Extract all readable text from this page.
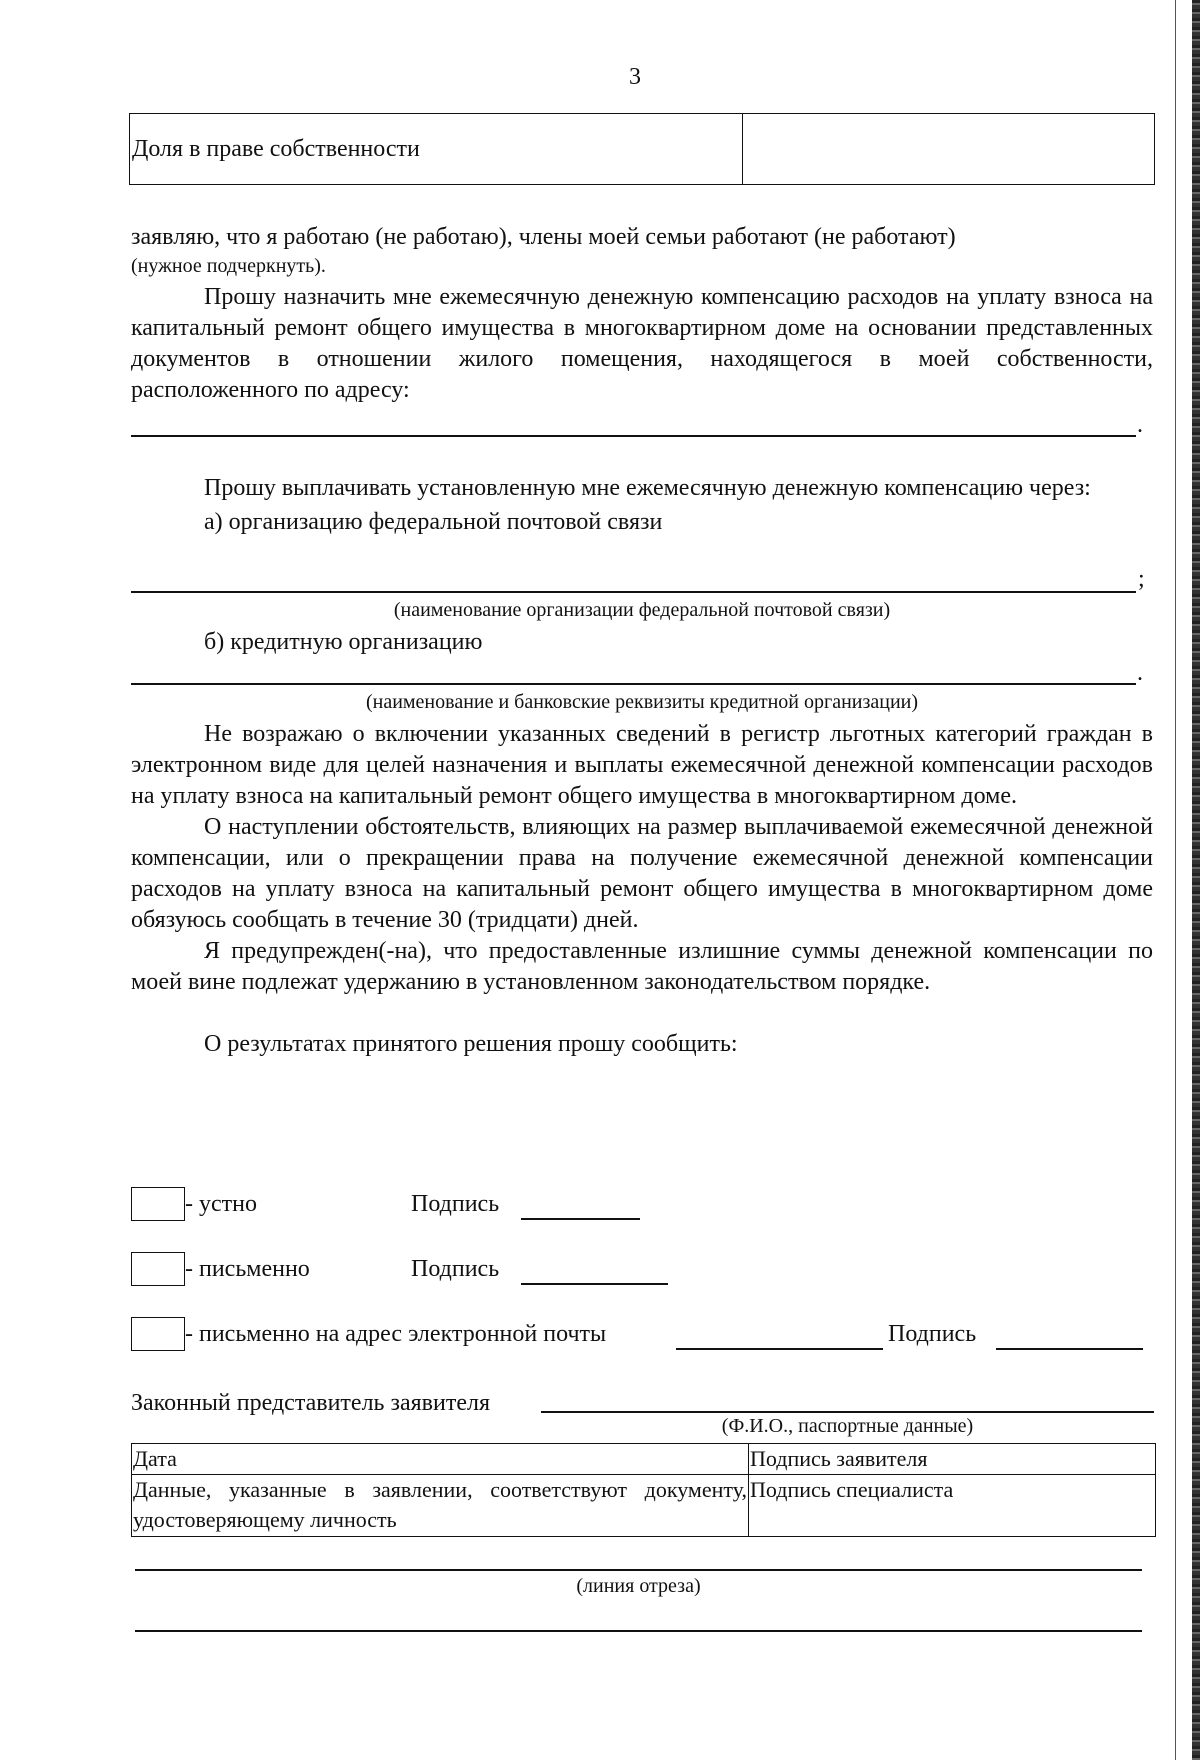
3
Доля в праве собственности	

заявляю, что я работаю (не работаю), члены моей семьи работают (не работают)

(нужное подчеркнуть).

Прошу назначить мне ежемесячную денежную компенсацию расходов на уплату взноса на капитальный ремонт общего имущества в многоквартирном доме на основании представленных документов в отношении жилого помещения, находящегося в моей собственности, расположенного по адресу:

.

Прошу выплачивать установленную мне ежемесячную денежную компенсацию через:

а) организацию федеральной почтовой связи

;
(наименование организации федеральной почтовой связи)

б) кредитную организацию

.
(наименование и банковские реквизиты кредитной организации)

Не возражаю о включении указанных сведений в регистр льготных категорий граждан в электронном виде для целей назначения и выплаты ежемесячной денежной компенсации расходов на уплату взноса на капитальный ремонт общего имущества в многоквартирном доме.

О наступлении обстоятельств, влияющих на размер выплачиваемой ежемесячной денежной компенсации, или о прекращении права на получение ежемесячной денежной компенсации расходов на уплату взноса на капитальный ремонт общего имущества в многоквартирном доме обязуюсь сообщать в течение 30 (тридцати) дней.

Я предупрежден(-на), что предоставленные излишние суммы денежной компенсации по моей вине подлежат удержанию в установленном законодательством порядке.

О результатах принятого решения прошу сообщить:

- устно	Подпись
- письменно	Подпись
- письменно на адрес электронной почты	Подпись
Законный представитель заявителя
(Ф.И.О., паспортные данные)
Дата	Подпись заявителя
Данные, указанные в заявлении, соответствуют документу, удостоверяющему личность	Подпись специалиста
(линия отреза)
